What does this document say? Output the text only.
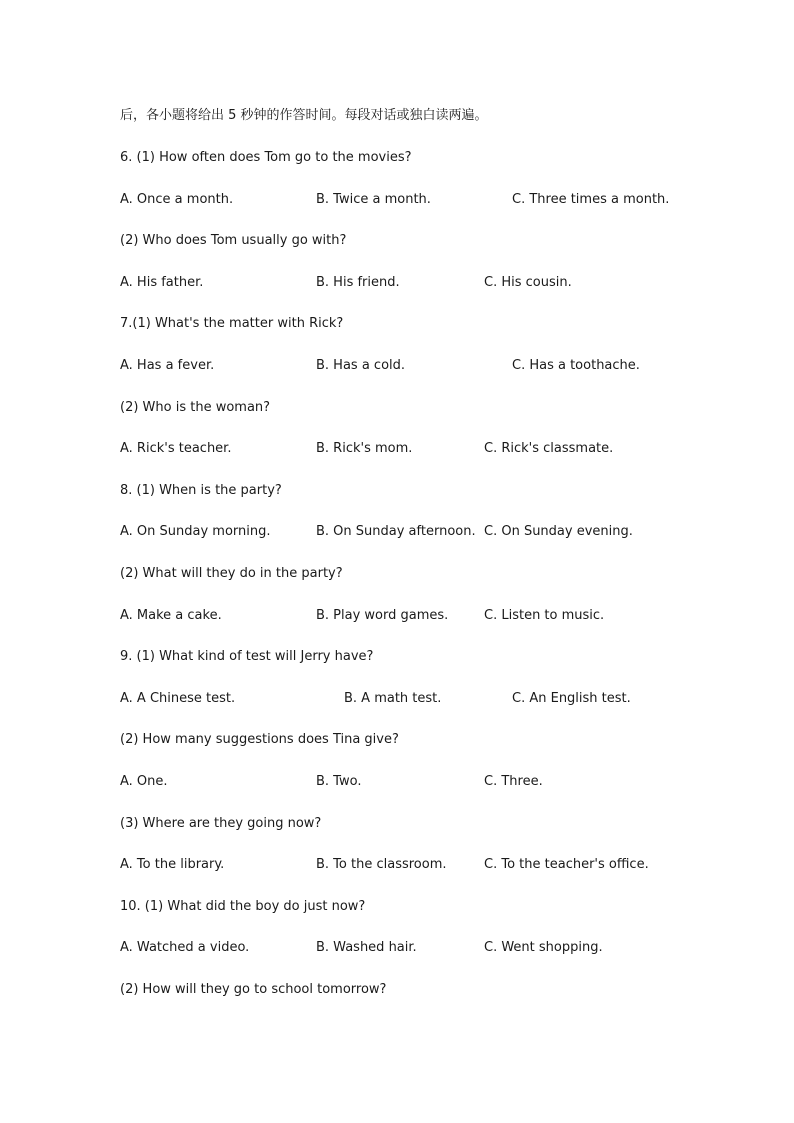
后，各小题将给出 5 秒钟的作答时间。每段对话或独白读两遍。
6. (1) How often does Tom go to the movies?
A. Once a month.	B. Twice a month.	C. Three times a month.
(2) Who does Tom usually go with?
A. His father.	B. His friend.	C. His cousin.
7.(1) What's the matter with Rick?
A. Has a fever.	B. Has a cold.	C. Has a toothache.
(2) Who is the woman?
A. Rick's teacher.	B. Rick's mom.	C. Rick's classmate.
8. (1) When is the party?
A. On Sunday morning.	B. On Sunday afternoon. C. On Sunday evening.
(2) What will they do in the party?
A. Make a cake.	B. Play word games.	C. Listen to music.
9. (1) What kind of test will Jerry have?
A. A Chinese test.	B. A math test.	C. An English test.
(2) How many suggestions does Tina give?
A. One.	B. Two.	C. Three.
(3) Where are they going now?
A. To the library.	B. To the classroom.	C. To the teacher's office.
10. (1) What did the boy do just now?
A. Watched a video.	B. Washed hair.	C. Went shopping.
(2) How will they go to school tomorrow?
